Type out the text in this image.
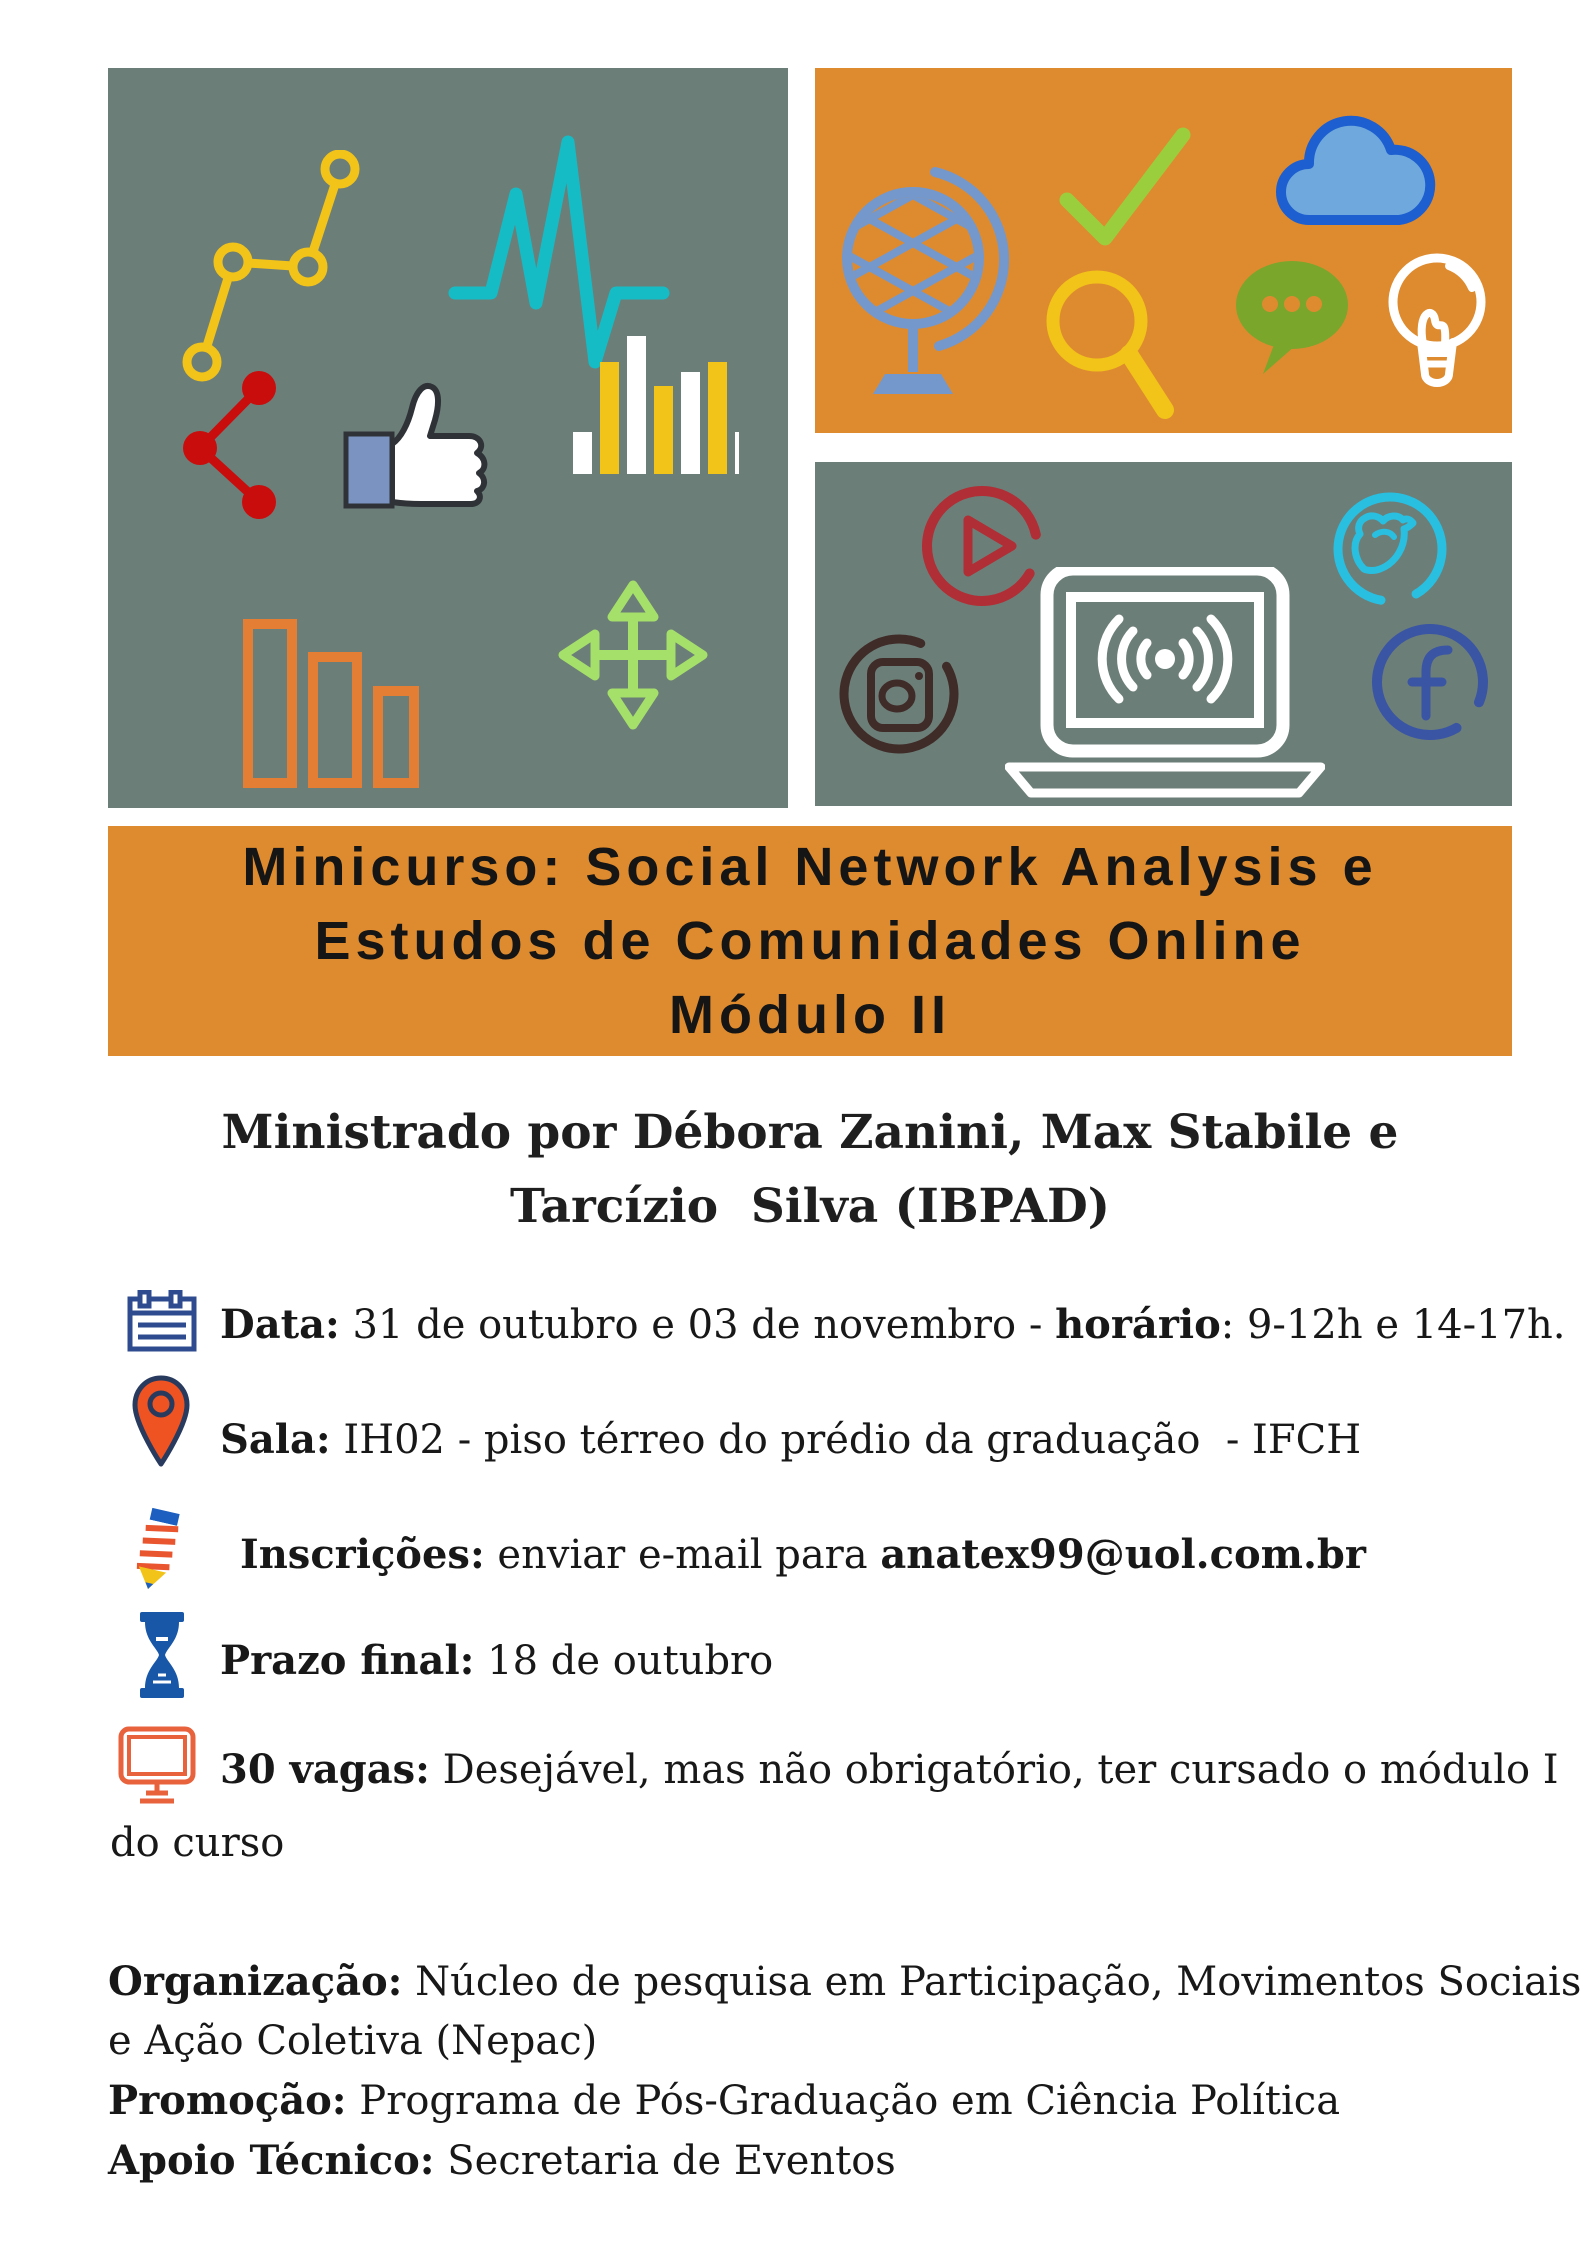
Minicurso: Social Network Analysis e
Estudos de Comunidades Online
Módulo II
Ministrado por Débora Zanini, Max Stabile e
Tarcízio  Silva (IBPAD)
Data: 31 de outubro e 03 de novembro - horário: 9-12h e 14-17h.
Sala: IH02 - piso térreo do prédio da graduação  - IFCH
Inscrições: enviar e-mail para anatex99@uol.com.br
Prazo final: 18 de outubro
30 vagas: Desejável, mas não obrigatório, ter cursado o módulo I
do curso
Organização: Núcleo de pesquisa em Participação, Movimentos Sociais
e Ação Coletiva (Nepac)
Promoção: Programa de Pós-Graduação em Ciência Política
Apoio Técnico: Secretaria de Eventos
